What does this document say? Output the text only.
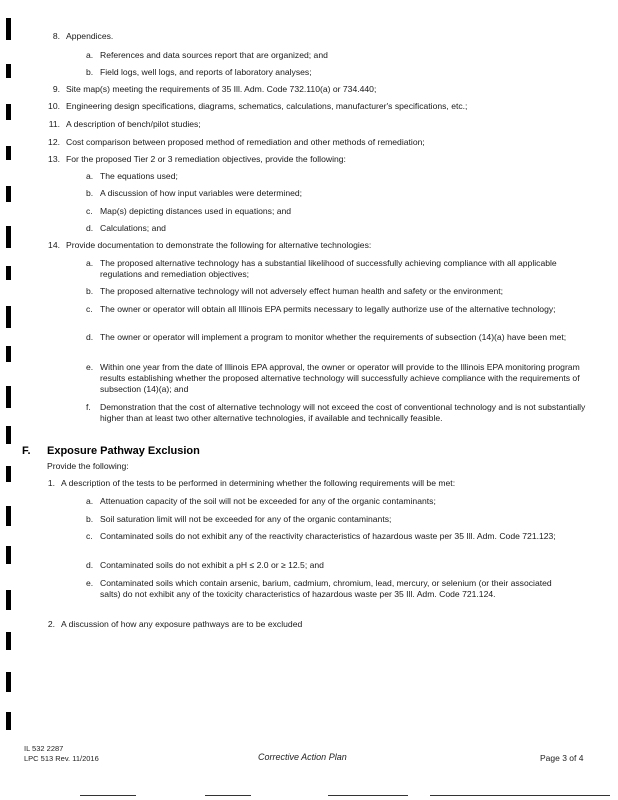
8. Appendices.
a. References and data sources report that are organized; and
b. Field logs, well logs, and reports of laboratory analyses;
9. Site map(s) meeting the requirements of 35 Ill. Adm. Code 732.110(a) or 734.440;
10. Engineering design specifications, diagrams, schematics, calculations, manufacturer's specifications, etc.;
11. A description of bench/pilot studies;
12. Cost comparison between proposed method of remediation and other methods of remediation;
13. For the proposed Tier 2 or 3 remediation objectives, provide the following:
a. The equations used;
b. A discussion of how input variables were determined;
c. Map(s) depicting distances used in equations; and
d. Calculations; and
14. Provide documentation to demonstrate the following for alternative technologies:
a. The proposed alternative technology has a substantial likelihood of successfully achieving compliance with all applicable regulations and remediation objectives;
b. The proposed alternative technology will not adversely effect human health and safety or the environment;
c. The owner or operator will obtain all Illinois EPA permits necessary to legally authorize use of the alternative technology;
d. The owner or operator will implement a program to monitor whether the requirements of subsection (14)(a) have been met;
e. Within one year from the date of Illinois EPA approval, the owner or operator will provide to the Illinois EPA monitoring program results establishing whether the proposed alternative technology will successfully achieve compliance with the requirements of subsection (14)(a); and
f. Demonstration that the cost of alternative technology will not exceed the cost of conventional technology and is not substantially higher than at least two other alternative technologies, if available and technically feasible.
F. Exposure Pathway Exclusion
Provide the following:
1. A description of the tests to be performed in determining whether the following requirements will be met:
a. Attenuation capacity of the soil will not be exceeded for any of the organic contaminants;
b. Soil saturation limit will not be exceeded for any of the organic contaminants;
c. Contaminated soils do not exhibit any of the reactivity characteristics of hazardous waste per 35 Ill. Adm. Code 721.123;
d. Contaminated soils do not exhibit a pH ≤ 2.0 or ≥ 12.5; and
e. Contaminated soils which contain arsenic, barium, cadmium, chromium, lead, mercury, or selenium (or their associated salts) do not exhibit any of the toxicity characteristics of hazardous waste per 35 Ill. Adm. Code 721.124.
2. A discussion of how any exposure pathways are to be excluded
IL 532 2287
LPC 513 Rev. 11/2016	Corrective Action Plan	Page 3 of 4
